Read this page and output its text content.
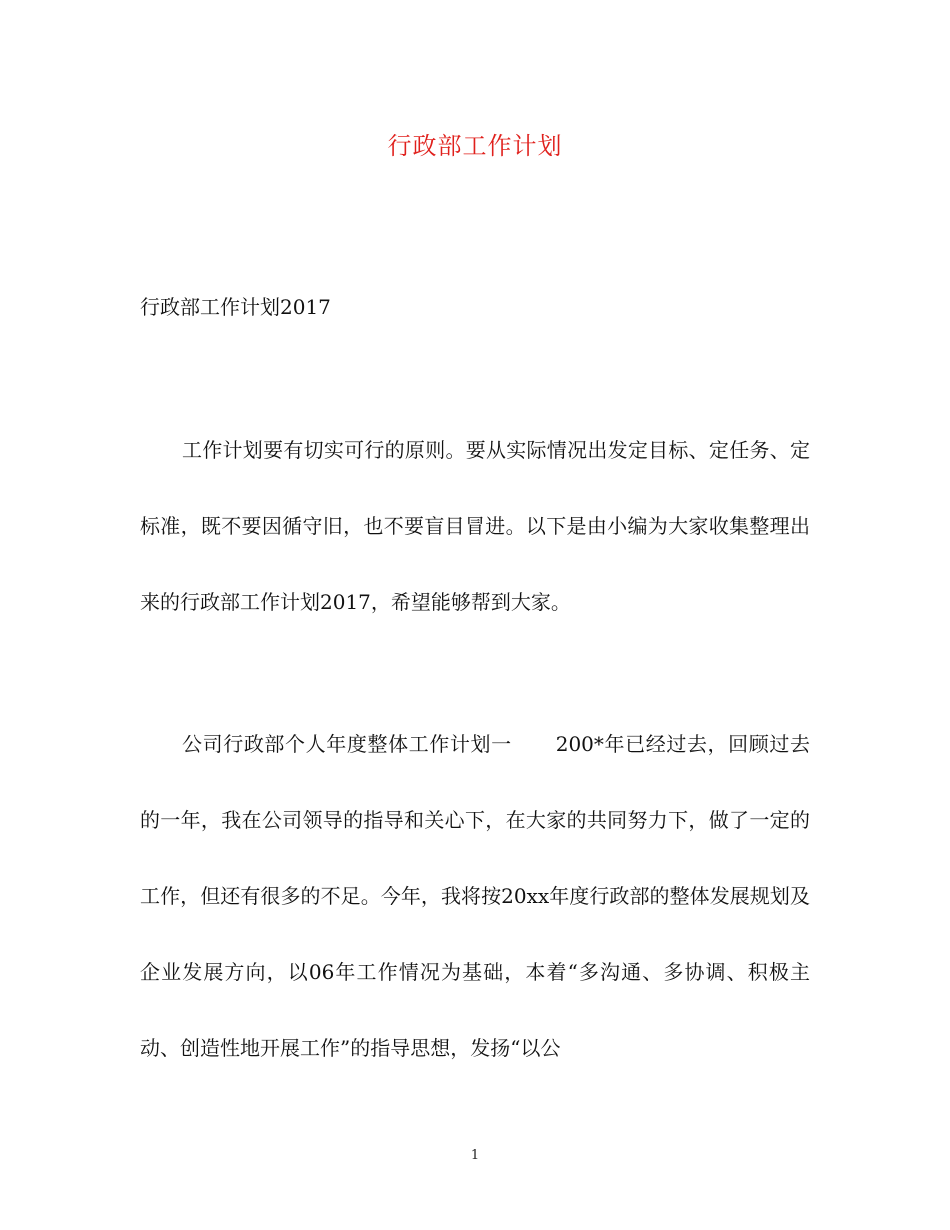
行政部工作计划
行政部工作计划2017

工作计划要有切实可行的原则。要从实际情况出发定目标、定任务、定标准，既不要因循守旧，也不要盲目冒进。以下是由小编为大家收集整理出来的行政部工作计划2017，希望能够帮到大家。

公司行政部个人年度整体工作计划一 200*年已经过去，回顾过去的一年，我在公司领导的指导和关心下，在大家的共同努力下，做了一定的工作，但还有很多的不足。今年，我将按20xx年度行政部的整体发展规划及企业发展方向，以06年工作情况为基础，本着“多沟通、多协调、积极主动、创造性地开展工作”的指导思想，发扬“以公

1
